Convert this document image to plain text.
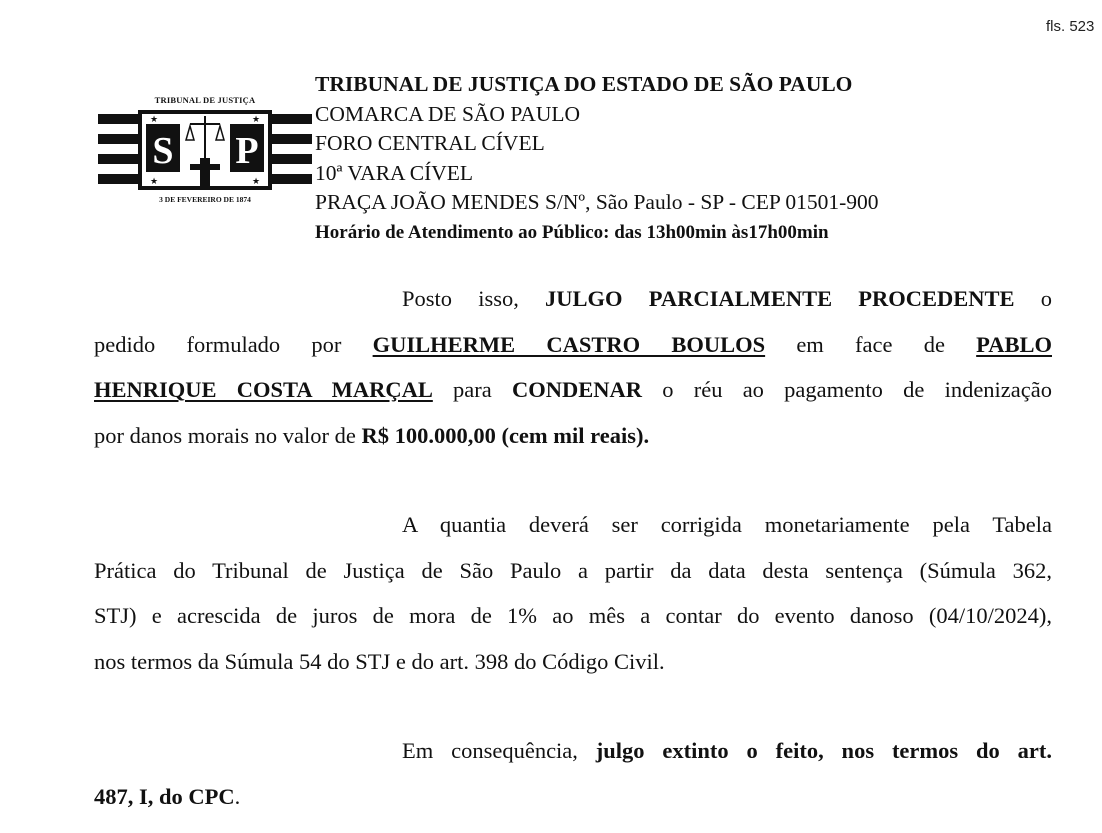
fls. 523
TRIBUNAL DE JUSTIÇA
S P
★	★
★	★
3 DE FEVEREIRO DE 1874
TRIBUNAL DE JUSTIÇA DO ESTADO DE SÃO PAULO
COMARCA DE SÃO PAULO
FORO CENTRAL CÍVEL
10ª VARA CÍVEL
PRAÇA JOÃO MENDES S/Nº, São Paulo - SP - CEP 01501-900
Horário de Atendimento ao Público: das 13h00min às17h00min
Posto isso, JULGO PARCIALMENTE PROCEDENTE o
pedido formulado por GUILHERME CASTRO BOULOS em face de PABLO
HENRIQUE COSTA MARÇAL para CONDENAR o réu ao pagamento de indenização
por danos morais no valor de R$ 100.000,00 (cem mil reais).
A quantia deverá ser corrigida monetariamente pela Tabela
Prática do Tribunal de Justiça de São Paulo a partir da data desta sentença (Súmula 362,
STJ) e acrescida de juros de mora de 1% ao mês a contar do evento danoso (04/10/2024),
nos termos da Súmula 54 do STJ e do art. 398 do Código Civil.
Em consequência, julgo extinto o feito, nos termos do art.
487, I, do CPC.
